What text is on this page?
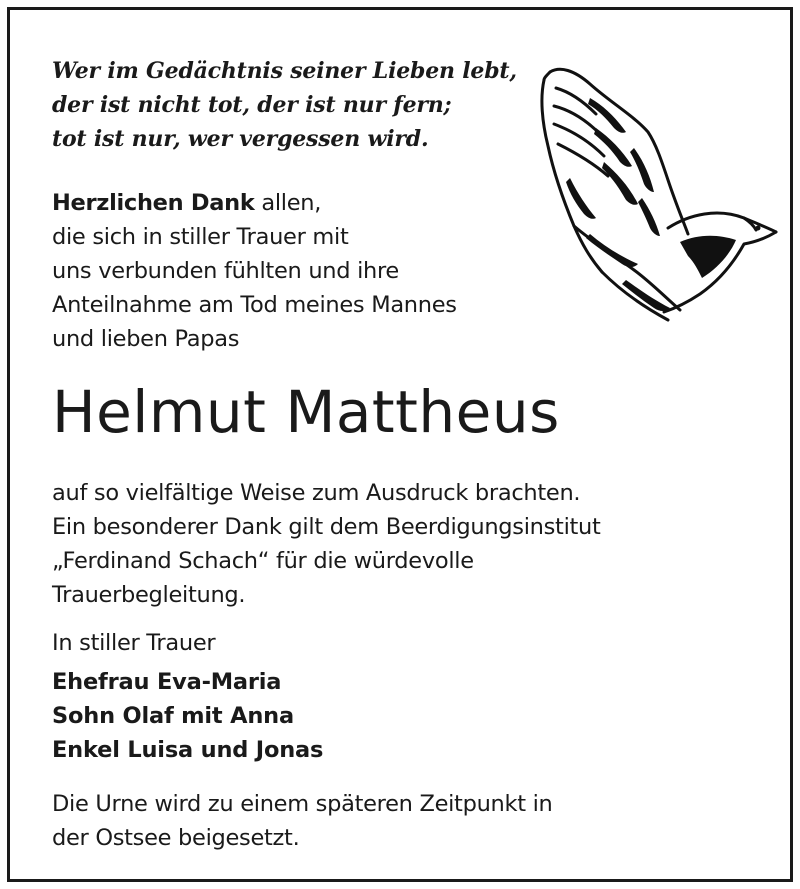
Wer im Gedächtnis seiner Lieben lebt,
der ist nicht tot, der ist nur fern;
tot ist nur, wer vergessen wird.
Herzlichen Dank allen,
die sich in stiller Trauer mit
uns verbunden fühlten und ihre
Anteilnahme am Tod meines Mannes
und lieben Papas
Helmut Mattheus
auf so vielfältige Weise zum Ausdruck brachten.
Ein besonderer Dank gilt dem Beerdigungsinstitut
„Ferdinand Schach“ für die würdevolle
Trauerbegleitung.
In stiller Trauer
Ehefrau Eva-Maria
Sohn Olaf mit Anna
Enkel Luisa und Jonas
Die Urne wird zu einem späteren Zeitpunkt in
der Ostsee beigesetzt.
